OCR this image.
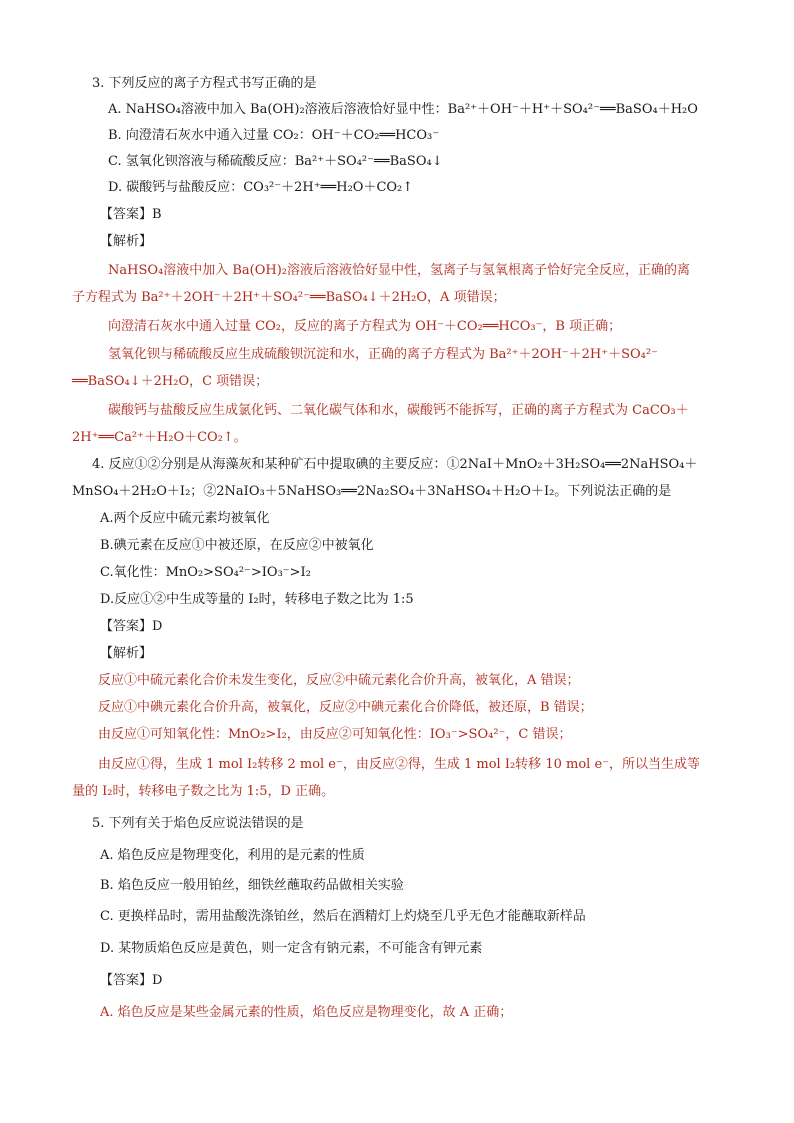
3. 下列反应的离子方程式书写正确的是
A. NaHSO₄溶液中加入 Ba(OH)₂溶液后溶液恰好显中性：Ba²⁺＋OH⁻＋H⁺＋SO₄²⁻══BaSO₄＋H₂O
B. 向澄清石灰水中通入过量 CO₂：OH⁻＋CO₂══HCO₃⁻
C. 氢氧化钡溶液与稀硫酸反应：Ba²⁺＋SO₄²⁻══BaSO₄↓
D. 碳酸钙与盐酸反应：CO₃²⁻＋2H⁺══H₂O＋CO₂↑
【答案】B
【解析】
NaHSO₄溶液中加入 Ba(OH)₂溶液后溶液恰好显中性，氢离子与氢氧根离子恰好完全反应，正确的离
子方程式为 Ba²⁺＋2OH⁻＋2H⁺＋SO₄²⁻══BaSO₄↓＋2H₂O，A 项错误；
向澄清石灰水中通入过量 CO₂，反应的离子方程式为 OH⁻＋CO₂══HCO₃⁻，B 项正确；
氢氧化钡与稀硫酸反应生成硫酸钡沉淀和水，正确的离子方程式为 Ba²⁺＋2OH⁻＋2H⁺＋SO₄²⁻
══BaSO₄↓＋2H₂O，C 项错误；
碳酸钙与盐酸反应生成氯化钙、二氧化碳气体和水，碳酸钙不能拆写，正确的离子方程式为 CaCO₃＋
2H⁺══Ca²⁺＋H₂O＋CO₂↑。
4. 反应①②分别是从海藻灰和某种矿石中提取碘的主要反应：①2NaI＋MnO₂＋3H₂SO₄══2NaHSO₄＋
MnSO₄＋2H₂O＋I₂；②2NaIO₃＋5NaHSO₃══2Na₂SO₄＋3NaHSO₄＋H₂O＋I₂。下列说法正确的是
A.两个反应中硫元素均被氧化
B.碘元素在反应①中被还原，在反应②中被氧化
C.氧化性：MnO₂>SO₄²⁻>IO₃⁻>I₂
D.反应①②中生成等量的 I₂时，转移电子数之比为 1:5
【答案】D
【解析】
反应①中硫元素化合价未发生变化，反应②中硫元素化合价升高，被氧化，A 错误；
反应①中碘元素化合价升高，被氧化，反应②中碘元素化合价降低，被还原，B 错误；
由反应①可知氧化性：MnO₂>I₂，由反应②可知氧化性：IO₃⁻>SO₄²⁻，C 错误；
由反应①得，生成 1 mol I₂转移 2 mol e⁻，由反应②得，生成 1 mol I₂转移 10 mol e⁻，所以当生成等
量的 I₂时，转移电子数之比为 1:5，D 正确。
5. 下列有关于焰色反应说法错误的是
A. 焰色反应是物理变化，利用的是元素的性质
B. 焰色反应一般用铂丝，细铁丝蘸取药品做相关实验
C. 更换样品时，需用盐酸洗涤铂丝，然后在酒精灯上灼烧至几乎无色才能蘸取新样品
D. 某物质焰色反应是黄色，则一定含有钠元素，不可能含有钾元素
【答案】D
A. 焰色反应是某些金属元素的性质，焰色反应是物理变化，故 A 正确；
